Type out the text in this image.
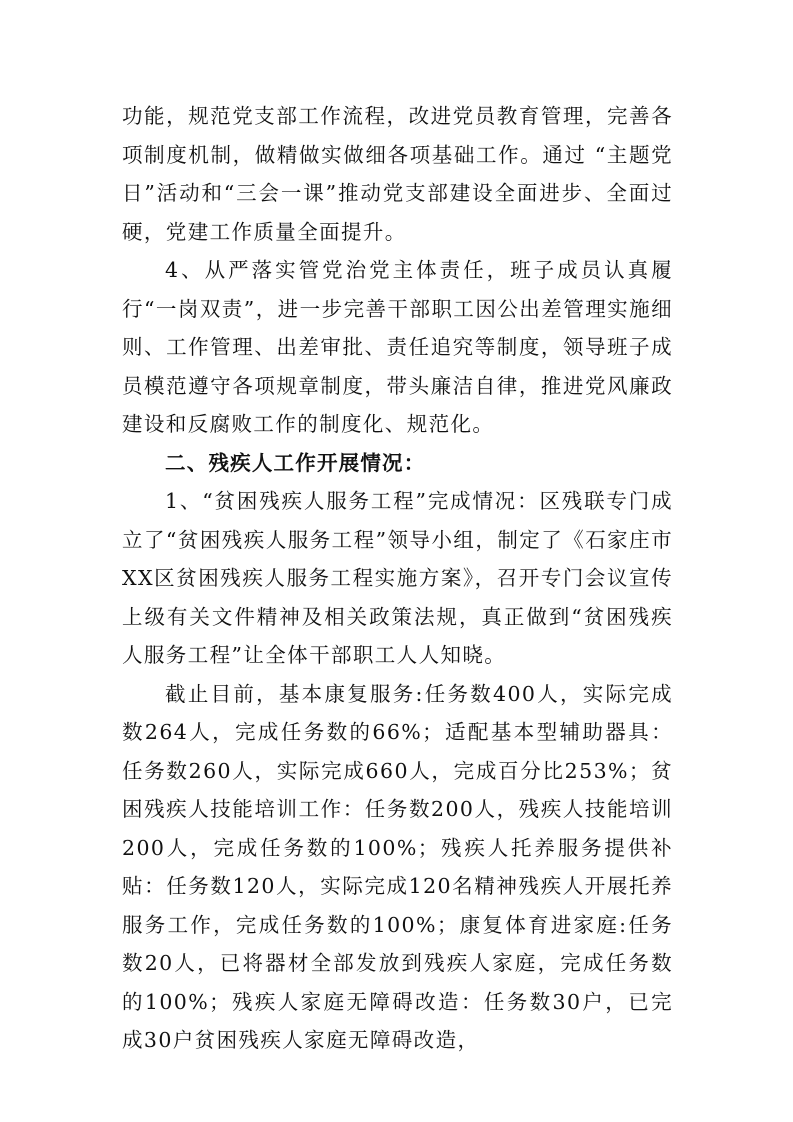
功能，规范党支部工作流程，改进党员教育管理，完善各项制度机制，做精做实做细各项基础工作。通过 “主题党日”活动和“三会一课”推动党支部建设全面进步、全面过硬，党建工作质量全面提升。

4、从严落实管党治党主体责任，班子成员认真履行“一岗双责”，进一步完善干部职工因公出差管理实施细则、工作管理、出差审批、责任追究等制度，领导班子成员模范遵守各项规章制度，带头廉洁自律，推进党风廉政建设和反腐败工作的制度化、规范化。

二、残疾人工作开展情况：

1、“贫困残疾人服务工程”完成情况：区残联专门成立了“贫困残疾人服务工程”领导小组，制定了《石家庄市XX区贫困残疾人服务工程实施方案》，召开专门会议宣传上级有关文件精神及相关政策法规，真正做到“贫困残疾人服务工程”让全体干部职工人人知晓。

截止目前，基本康复服务:任务数400人，实际完成数264人，完成任务数的66%；适配基本型辅助器具：任务数260人，实际完成660人，完成百分比253%；贫困残疾人技能培训工作：任务数200人，残疾人技能培训200人，完成任务数的100%；残疾人托养服务提供补贴：任务数120人，实际完成120名精神残疾人开展托养服务工作，完成任务数的100%；康复体育进家庭:任务数20人，已将器材全部发放到残疾人家庭，完成任务数的100%；残疾人家庭无障碍改造：任务数30户，已完成30户贫困残疾人家庭无障碍改造，
